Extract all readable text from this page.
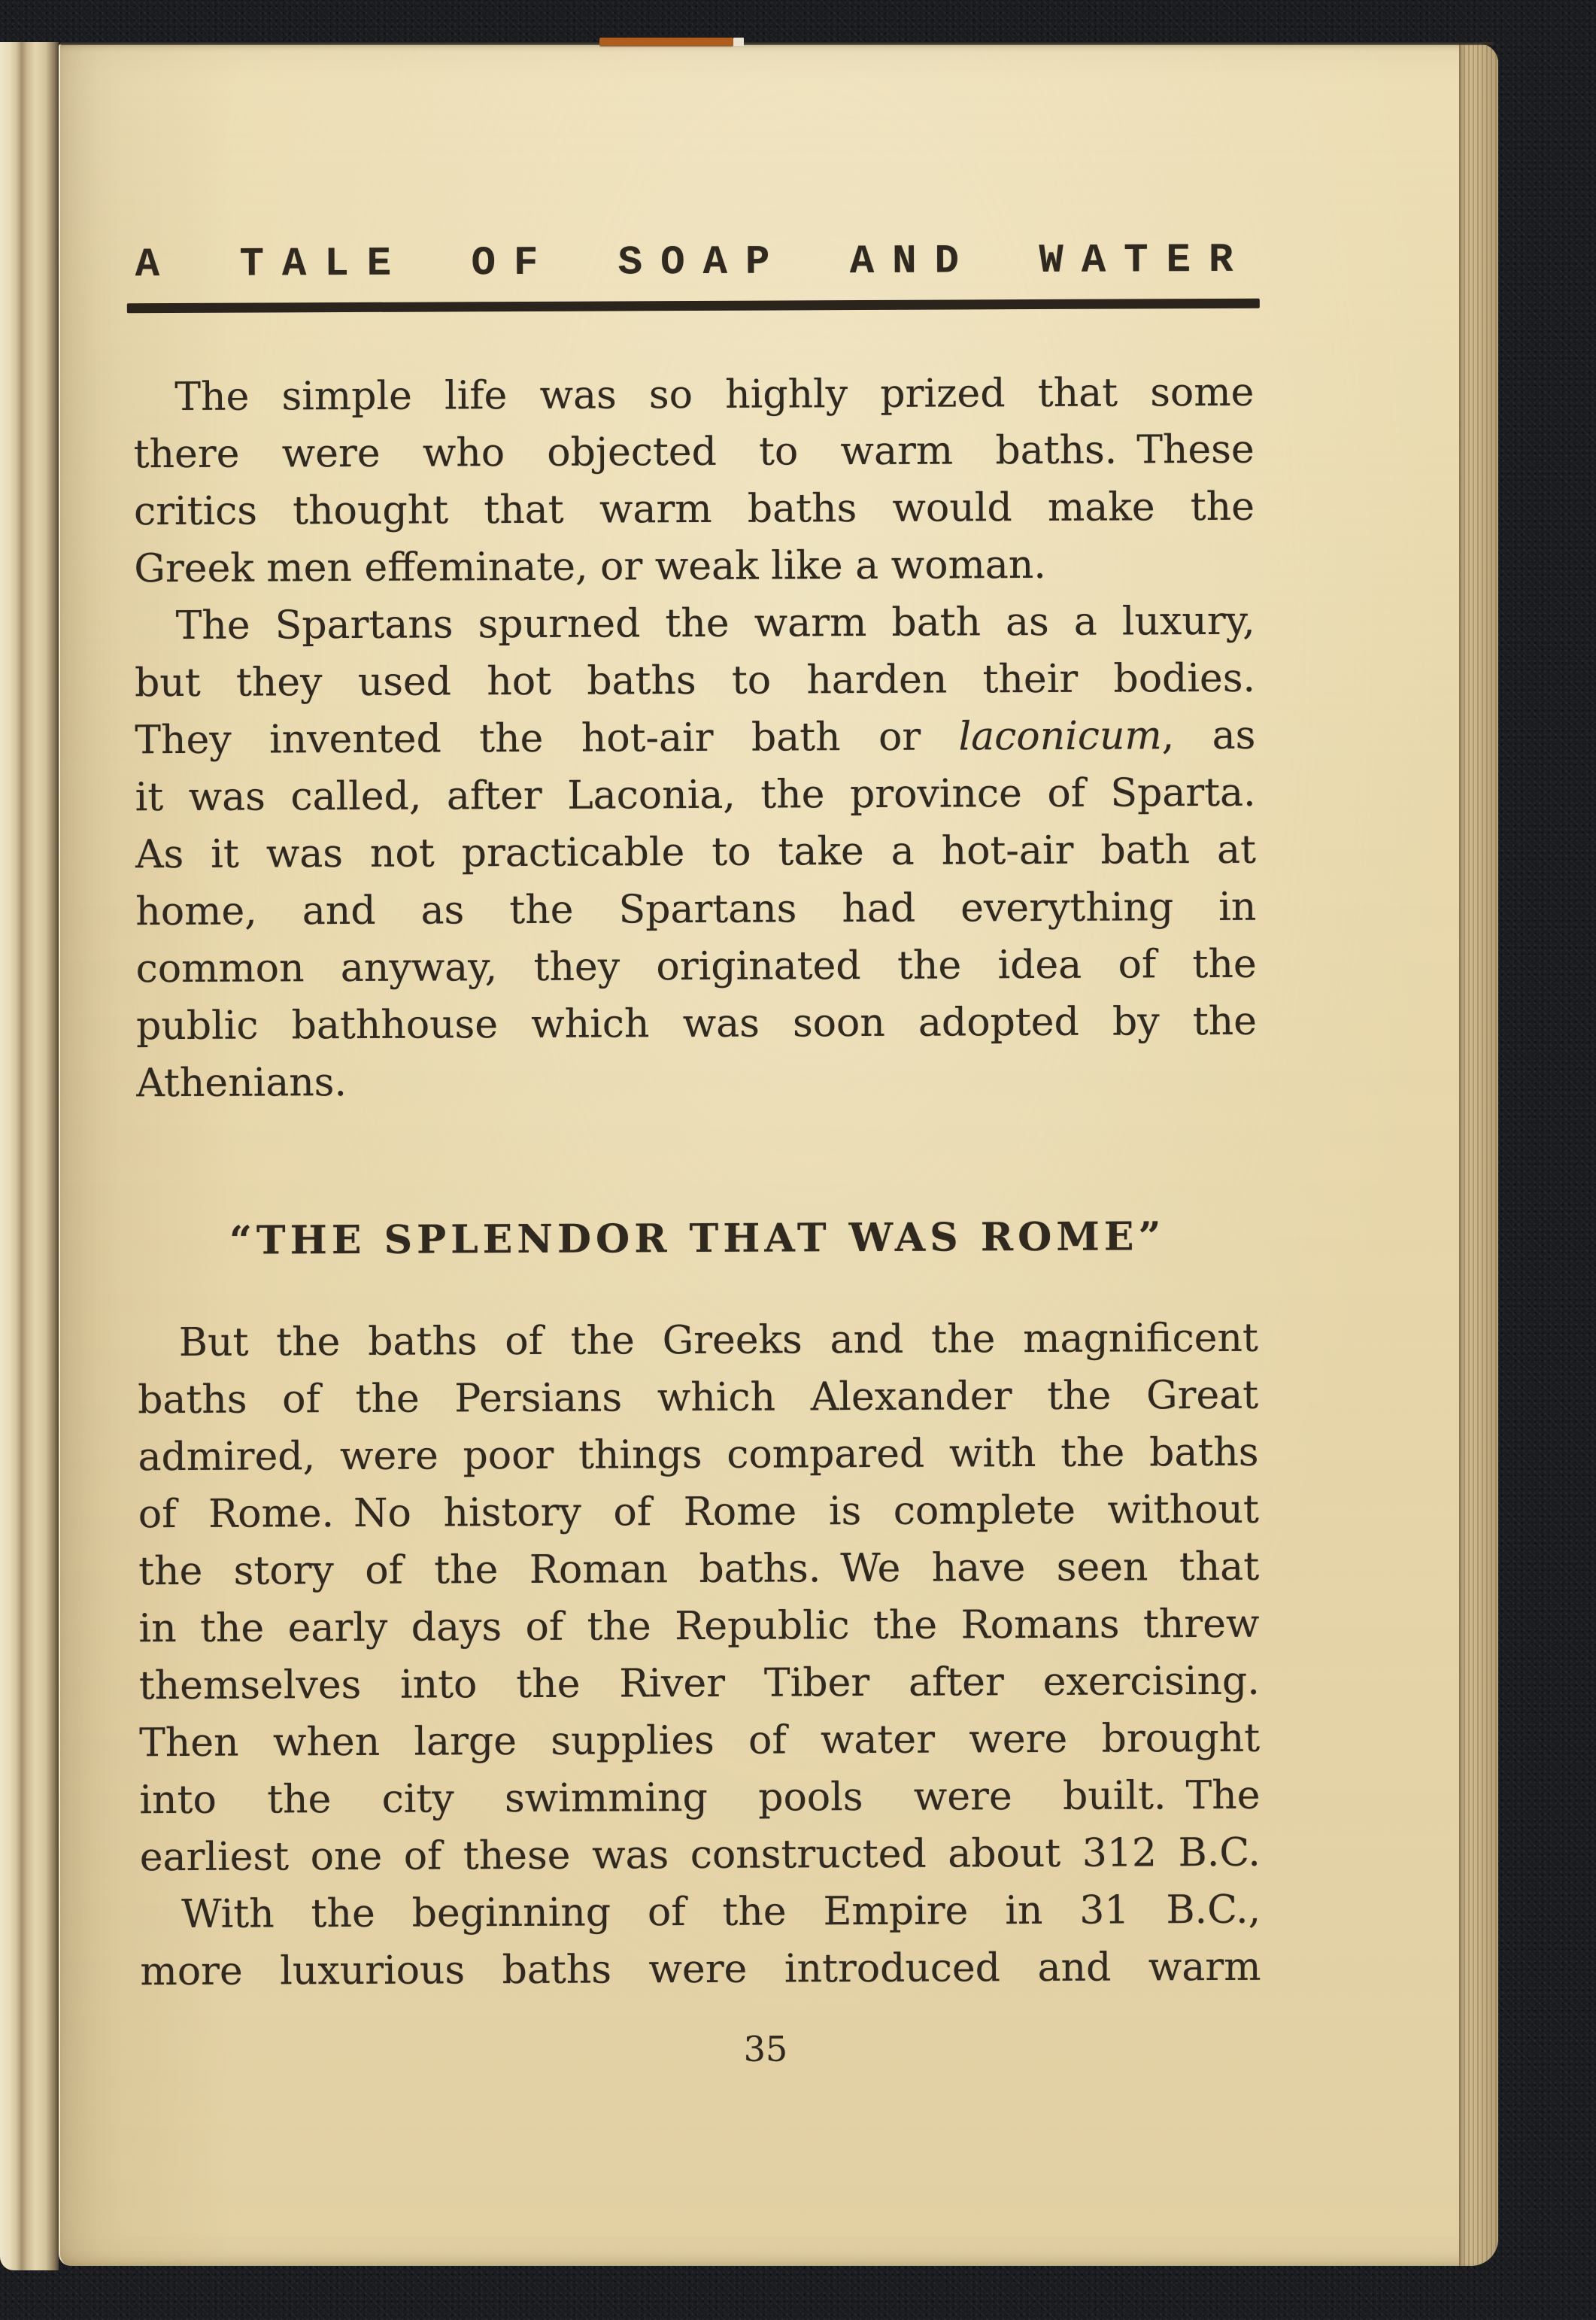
A TALE OF SOAP AND WATER
The simple life was so highly prized that some
there were who objected to warm baths. These
critics thought that warm baths would make the
Greek men effeminate, or weak like a woman.
The Spartans spurned the warm bath as a luxury,
but they used hot baths to harden their bodies.
They invented the hot-air bath or laconicum, as
it was called, after Laconia, the province of Sparta.
As it was not practicable to take a hot-air bath at
home, and as the Spartans had everything in
common anyway, they originated the idea of the
public bathhouse which was soon adopted by the
Athenians.
“THE SPLENDOR THAT WAS ROME”
But the baths of the Greeks and the magnificent
baths of the Persians which Alexander the Great
admired, were poor things compared with the baths
of Rome. No history of Rome is complete without
the story of the Roman baths. We have seen that
in the early days of the Republic the Romans threw
themselves into the River Tiber after exercising.
Then when large supplies of water were brought
into the city swimming pools were built. The
earliest one of these was constructed about 312 B.C.
With the beginning of the Empire in 31 B.C.,
more luxurious baths were introduced and warm
35
